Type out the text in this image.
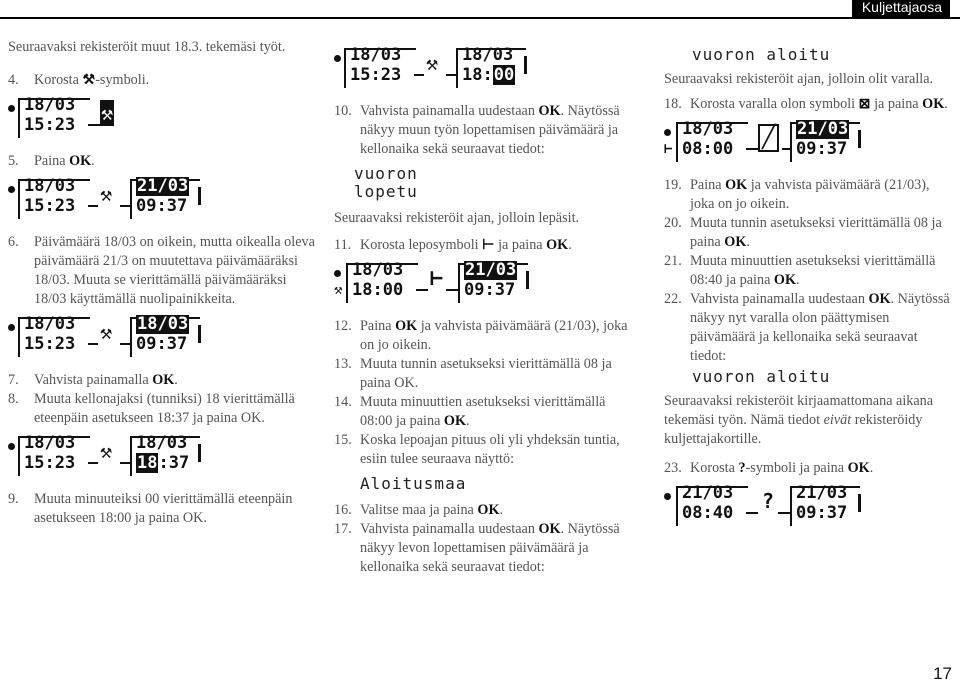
Kuljettajaosa

Seuraavaksi rekisteröit muut 18.3. tekemäsi työt.

4.	Korosta ⚒-symboli.
18/03
15:23 ⚒
5.	Paina OK.
18/03
15:23 ⚒ 21/03
09:37
6.	Päivämäärä 18/03 on oikein, mutta oikealla oleva päivämäärä 21/3 on muutettava päivämääräksi 18/03. Muuta se vierittämällä päivämääräksi 18/03 käyttämällä nuolipainikkeita.
18/03
15:23 ⚒ 18/03
09:37
7.	Vahvista painamalla OK.
8.	Muuta kellonajaksi (tunniksi) 18 vierittämällä eteenpäin asetukseen 18:37 ja paina OK.
18/03
15:23 ⚒ 18/03
18:37
9.	Muuta minuuteiksi 00 vierittämällä eteenpäin asetukseen 18:00 ja paina OK.
18/03
15:23 ⚒ 18/03
18:00
10. Vahvista painamalla uudestaan OK. Näytössä näkyy muun työn lopettamisen päivämäärä ja kellonaika sekä seuraavat tiedot:
vuoron
lopetu

Seuraavaksi rekisteröit ajan, jolloin lepäsit.

11. Korosta leposymboli ⊢ ja paina OK.
⚒
18/03
18:00 ⊢ 21/03
09:37
12. Paina OK ja vahvista päivämäärä (21/03), joka on jo oikein.
13. Muuta tunnin asetukseksi vierittämällä 08 ja paina OK.
14. Muuta minuuttien asetukseksi vierittämällä 08:00 ja paina OK.
15. Koska lepoajan pituus oli yli yhdeksän tuntia, esiin tulee seuraava näyttö:
Aloitusmaa
16. Valitse maa ja paina OK.
17. Vahvista painamalla uudestaan OK. Näytössä näkyy levon lopettamisen päivämäärä ja kellonaika sekä seuraavat tiedot:
vuoron aloitu

Seuraavaksi rekisteröit ajan, jolloin olit varalla.

18. Korosta varalla olon symboli ⊠ ja paina OK.
⊢
18/03
08:00 ╱ 21/03
09:37
19. Paina OK ja vahvista päivämäärä (21/03), joka on jo oikein.
20. Muuta tunnin asetukseksi vierittämällä 08 ja paina OK.
21. Muuta minuuttien asetukseksi vierittämällä 08:40 ja paina OK.
22. Vahvista painamalla uudestaan OK. Näytössä näkyy nyt varalla olon päättymisen päivämäärä ja kellonaika sekä seuraavat tiedot:
vuoron aloitu

Seuraavaksi rekisteröit kirjaamattomana aikana tekemäsi työn. Nämä tiedot eivät rekisteröidy kuljettajakortille.

23. Korosta ?-symboli ja paina OK.
21/03
08:40 ? 21/03
09:37
17
